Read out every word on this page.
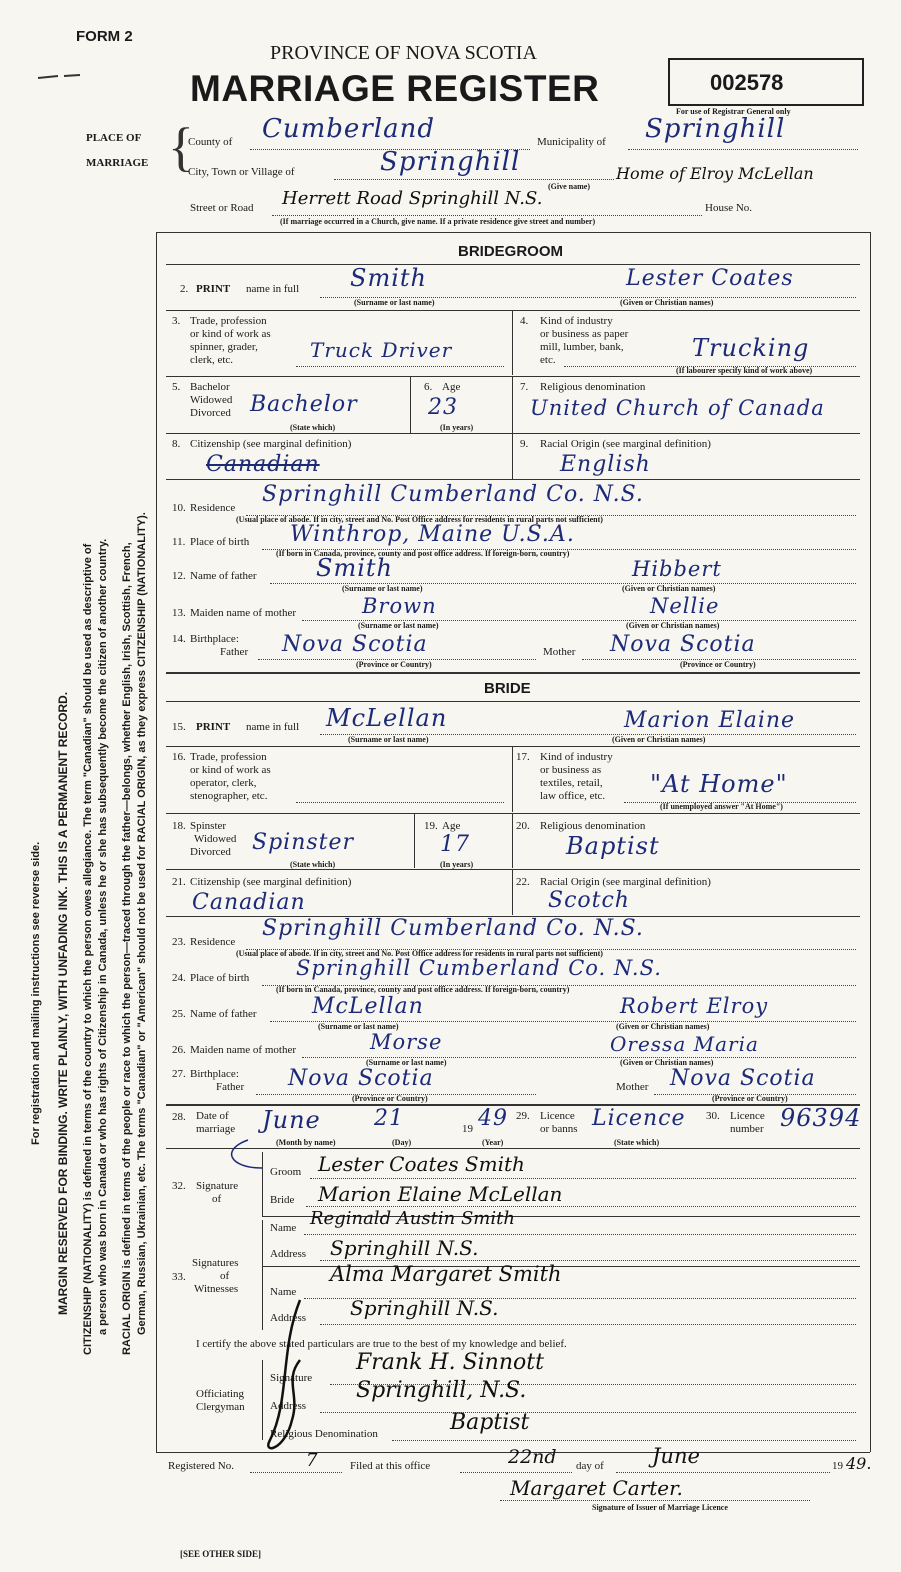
FORM 2
PROVINCE OF NOVA SCOTIA
MARRIAGE REGISTER	002578
For use of Registrar General only
PLACE OF
MARRIAGE {
County of Cumberland	Municipality of Springhill
City, Town or Village of	Springhill
(Give name)
Home of Elroy McLellan
Street or Road Herrett Road Springhill N.S.	House No.
(If marriage occurred in a Church, give name. If a private residence give street and number)
BRIDEGROOM
2. PRINT name in full Smith	Lester Coates
(Surname or last name)	(Given or Christian names)
3. Trade, profession
or kind of work as
spinner, grader,
clerk, etc.	Truck Driver
4. Kind of industry
or business as paper
mill, lumber, bank,
etc.	Trucking
(If labourer specify kind of work above)
5. Bachelor
Widowed
Divorced Bachelor
(State which)
6. Age
23
(In years)
7. Religious denomination
United Church of Canada
8. Citizenship (see marginal definition)
Canadian
9. Racial Origin (see marginal definition)
English
10. Residence
Springhill Cumberland Co. N.S.
(Usual place of abode. If in city, street and No. Post Office address for residents in rural parts not sufficient)
11. Place of birth Winthrop, Maine U.S.A.
(If born in Canada, province, county and post office address. If foreign-born, country)
12. Name of father Smith	Hibbert
(Surname or last name)	(Given or Christian names)
13. Maiden name of mother	Brown	Nellie
(Surname or last name)	(Given or Christian names)
14. Birthplace:
Father Nova Scotia	Mother Nova Scotia
(Province or Country)	(Province or Country)
BRIDE
15. PRINT name in full McLellan	Marion Elaine
(Surname or last name)	(Given or Christian names)
16. Trade, profession
or kind of work as
operator, clerk,
stenographer, etc.
17. Kind of industry
or business as
textiles, retail,
law office, etc. "At Home"
(If unemployed answer "At Home")
18. Spinster
Widowed
Divorced Spinster
(State which)
19. Age
17
(In years)
20. Religious denomination
Baptist
21. Citizenship (see marginal definition)
Canadian
22. Racial Origin (see marginal definition)
Scotch
23. Residence
Springhill Cumberland Co. N.S.
(Usual place of abode. If in city, street and No. Post Office address for residents in rural parts not sufficient)
24. Place of birth Springhill Cumberland Co. N.S.
(If born in Canada, province, county and post office address. If foreign-born, country)
25. Name of father	McLellan	Robert Elroy
(Surname or last name)	(Given or Christian names)
26. Maiden name of mother	Morse	Oressa Maria
(Surname or last name)	(Given or Christian names)
27. Birthplace:
Father Nova Scotia	Mother Nova Scotia
(Province or Country)	(Province or Country)
28. Date of
marriage June 21	19 49
(Month by name)	(Day)	(Year)
29. Licence
or banns Licence
(State which)
30. Licence
number 96394
32. Signature
of
Groom Lester Coates Smith
Bride Marion Elaine McLellan
33.
Signatures
of
Witnesses
Name Reginald Austin Smith
Address Springhill N.S.
Name
Alma Margaret Smith
Address Springhill N.S.
I certify the above stated particulars are true to the best of my knowledge and belief.
Officiating
Clergyman
Signature
Frank H. Sinnott
Address
Springhill, N.S.
Religious Denomination	Baptist
Registered No.	7	Filed at this office	22nd day of June	19 49.
Margaret Carter.
Signature of Issuer of Marriage Licence
[SEE OTHER SIDE]
For registration and mailing instructions see reverse side.	MARGIN RESERVED FOR BINDING. WRITE PLAINLY, WITH UNFADING INK. THIS IS A PERMANENT RECORD.	CITIZENSHIP (NATIONALITY) is defined in terms of the country to which the person owes allegiance. The term "Canadian" should be used as descriptive of a person who was born in Canada or who has rights of Citizenship in Canada, unless he or she has subsequently become the citizen of another country.	RACIAL ORIGIN is defined in terms of the people or race to which the person—traced through the father—belongs, whether English, Irish, Scottish, French, German, Russian, Ukrainian, etc. The terms "Canadian" or "American" should not be used for RACIAL ORIGIN, as they express CITIZENSHIP (NATIONALITY).
